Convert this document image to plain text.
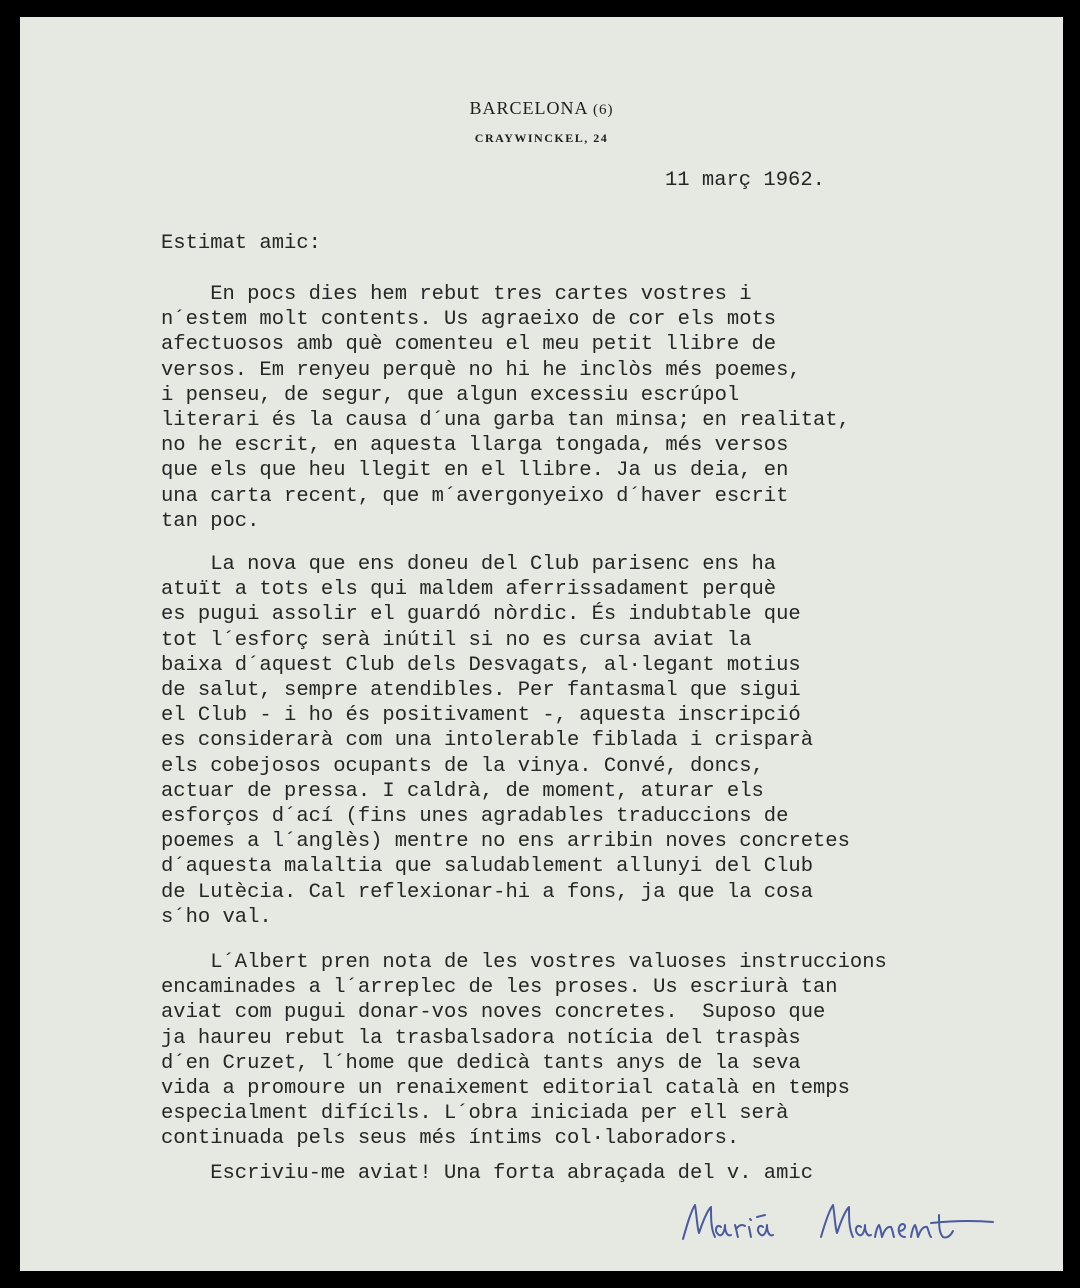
BARCELONA (6)
CRAYWINCKEL, 24

11 març 1962.

Estimat amic:

En pocs dies hem rebut tres cartes vostres i
n´estem molt contents. Us agraeixo de cor els mots
afectuosos amb què comenteu el meu petit llibre de
versos. Em renyeu perquè no hi he inclòs més poemes,
i penseu, de segur, que algun excessiu escrúpol
literari és la causa d´una garba tan minsa; en realitat,
no he escrit, en aquesta llarga tongada, més versos
que els que heu llegit en el llibre. Ja us deia, en
una carta recent, que m´avergonyeixo d´haver escrit
tan poc.

La nova que ens doneu del Club parisenc ens ha
atuït a tots els qui maldem aferrissadament perquè
es pugui assolir el guardó nòrdic. És indubtable que
tot l´esforç serà inútil si no es cursa aviat la
baixa d´aquest Club dels Desvagats, al·legant motius
de salut, sempre atendibles. Per fantasmal que sigui
el Club - i ho és positivament -, aquesta inscripció
es considerarà com una intolerable fiblada i crisparà
els cobejosos ocupants de la vinya. Convé, doncs,
actuar de pressa. I caldrà, de moment, aturar els
esforços d´ací (fins unes agradables traduccions de
poemes a l´anglès) mentre no ens arribin noves concretes
d´aquesta malaltia que saludablement allunyi del Club
de Lutècia. Cal reflexionar-hi a fons, ja que la cosa
s´ho val.

L´Albert pren nota de les vostres valuoses instruccions
encaminades a l´arreplec de les proses. Us escriurà tan
aviat com pugui donar-vos noves concretes.  Suposo que
ja haureu rebut la trasbalsadora notícia del traspàs
d´en Cruzet, l´home que dedicà tants anys de la seva
vida a promoure un renaixement editorial català en temps
especialment difícils. L´obra iniciada per ell serà
continuada pels seus més íntims col·laboradors.

Escriviu-me aviat! Una forta abraçada del v. amic
